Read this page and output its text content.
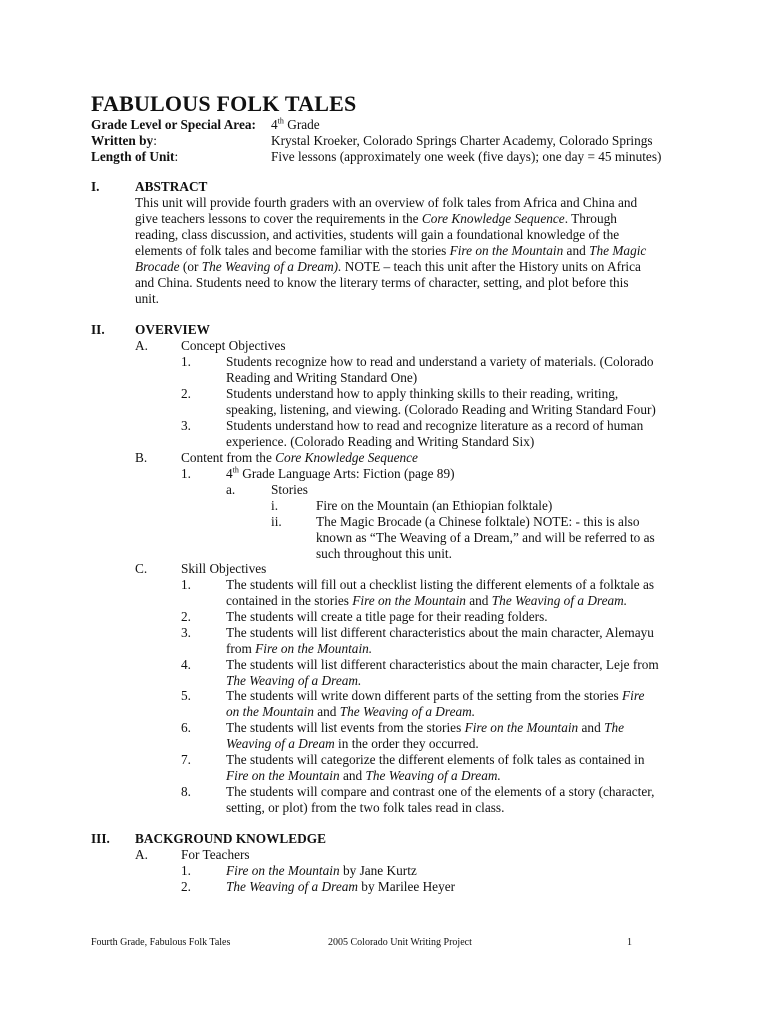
FABULOUS FOLK TALES
Grade Level or Special Area: 4th Grade
Written by:	Krystal Kroeker, Colorado Springs Charter Academy, Colorado Springs
Length of Unit:	Five lessons (approximately one week (five days); one day = 45 minutes)
I.	ABSTRACT
This unit will provide fourth graders with an overview of folk tales from Africa and China and
give teachers lessons to cover the requirements in the Core Knowledge Sequence. Through
reading, class discussion, and activities, students will gain a foundational knowledge of the
elements of folk tales and become familiar with the stories Fire on the Mountain and The Magic
Brocade (or The Weaving of a Dream). NOTE – teach this unit after the History units on Africa
and China. Students need to know the literary terms of character, setting, and plot before this
unit.
II. OVERVIEW
A. Concept Objectives
1.	Students recognize how to read and understand a variety of materials. (Colorado
Reading and Writing Standard One)
2.	Students understand how to apply thinking skills to their reading, writing,
speaking, listening, and viewing. (Colorado Reading and Writing Standard Four)
3.	Students understand how to read and recognize literature as a record of human
experience. (Colorado Reading and Writing Standard Six)
B.	Content from the Core Knowledge Sequence
1.	4th Grade Language Arts: Fiction (page 89)
a.	Stories
i.	Fire on the Mountain (an Ethiopian folktale)
ii.	The Magic Brocade (a Chinese folktale) NOTE: - this is also
known as “The Weaving of a Dream,” and will be referred to as
such throughout this unit.
C.	Skill Objectives
1.	The students will fill out a checklist listing the different elements of a folktale as
contained in the stories Fire on the Mountain and The Weaving of a Dream.
2.	The students will create a title page for their reading folders.
3.	The students will list different characteristics about the main character, Alemayu
from Fire on the Mountain.
4.	The students will list different characteristics about the main character, Leje from
The Weaving of a Dream.
5.	The students will write down different parts of the setting from the stories Fire
on the Mountain and The Weaving of a Dream.
6.	The students will list events from the stories Fire on the Mountain and The
Weaving of a Dream in the order they occurred.
7.	The students will categorize the different elements of folk tales as contained in
Fire on the Mountain and The Weaving of a Dream.
8.	The students will compare and contrast one of the elements of a story (character,
setting, or plot) from the two folk tales read in class.
III. BACKGROUND KNOWLEDGE
A. For Teachers
1.	Fire on the Mountain by Jane Kurtz
2.	The Weaving of a Dream by Marilee Heyer
Fourth Grade, Fabulous Folk Tales	2005 Colorado Unit Writing Project	1
